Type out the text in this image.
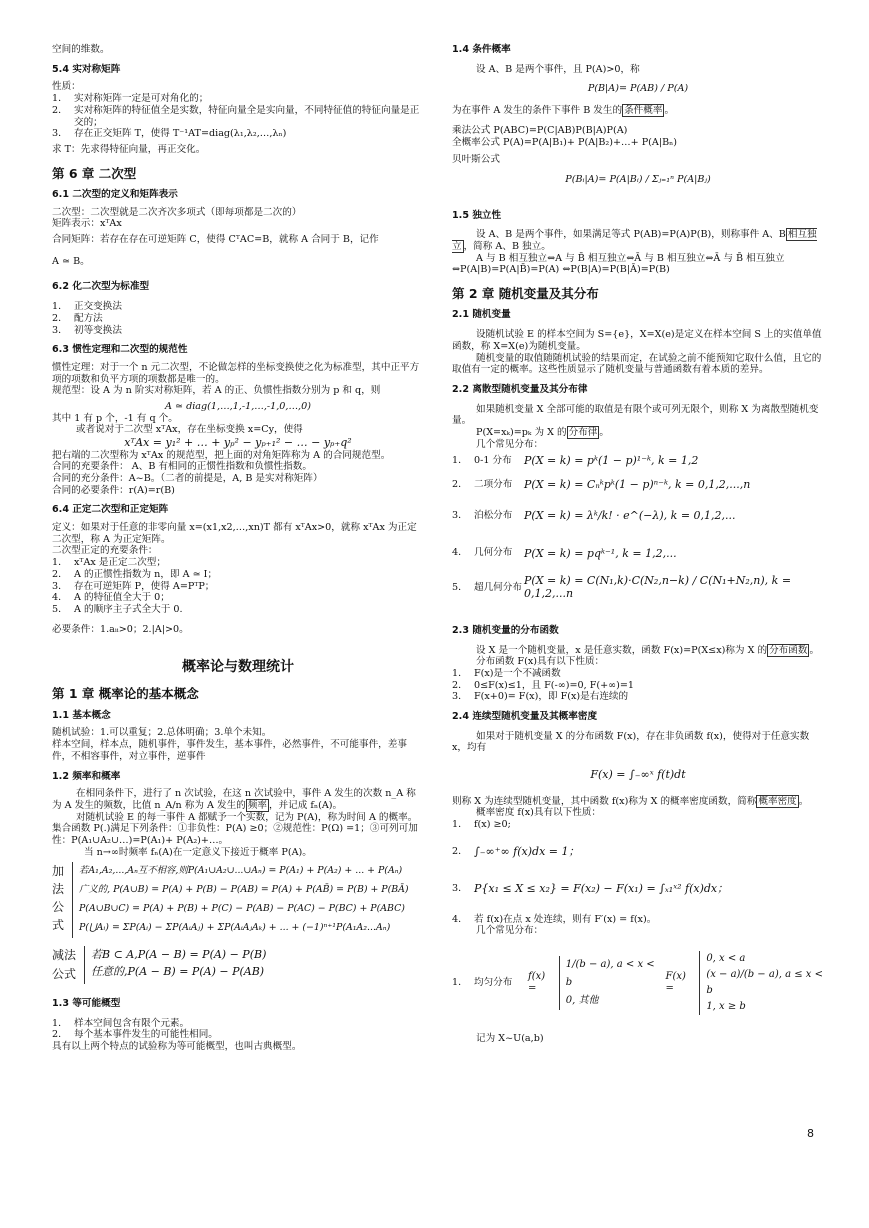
空间的维数。

5.4 实对称矩阵

性质：

1． 实对称矩阵一定是可对角化的；
2． 实对称矩阵的特征值全是实数，特征向量全是实向量，不同特征值的特征向量是正交的；
3． 存在正交矩阵 T，使得 T⁻¹AT=diag(λ₁,λ₂,…,λₙ)

求 T：先求得特征向量，再正交化。

第 6 章 二次型

6.1 二次型的定义和矩阵表示

二次型：二次型就是二次齐次多项式（即每项都是二次的）

矩阵表示：xᵀAx

合同矩阵：若存在存在可逆矩阵 C，使得 CᵀAC=B，就称 A 合同于 B，记作

A ≃ B。

6.2 化二次型为标准型

1． 正交变换法
2． 配方法
3． 初等变换法

6.3 惯性定理和二次型的规范性

惯性定理：对于一个 n 元二次型，不论做怎样的坐标变换使之化为标准型，其中正平方项的项数和负平方项的项数都是唯一的。

规范型：设 A 为 n 阶实对称矩阵，若 A 的正、负惯性指数分别为 p 和 q，则

A ≃ diag(1,…,1,-1,…,-1,0,…,0)

其中 1 有 p 个，-1 有 q 个。

或者说对于二次型 xᵀAx，存在坐标变换 x=Cy，使得

xᵀAx = y₁² + … + yₚ² − yₚ₊₁² − … − yₚ₊q²

把右端的二次型称为 xᵀAx 的规范型，把上面的对角矩阵称为 A 的合同规范型。

合同的充要条件： A、B 有相同的正惯性指数和负惯性指数。

合同的充分条件：A~B。（二者的前提是，A, B 是实对称矩阵）

合同的必要条件：r(A)=r(B)

6.4 正定二次型和正定矩阵

定义：如果对于任意的非零向量 x=(x1,x2,…,xn)T 都有 xᵀAx>0，就称 xᵀAx 为正定二次型，称 A 为正定矩阵。

二次型正定的充要条件：

1． xᵀAx 是正定二次型；
2． A 的正惯性指数为 n，即 A ≃ I；
3． 存在可逆矩阵 P，使得 A=PᵀP；
4． A 的特征值全大于 0；
5． A 的顺序主子式全大于 0.

必要条件：1.aᵢᵢ>0；2.|A|>0。

概率论与数理统计

第 1 章 概率论的基本概念

1.1 基本概念

随机试验：1.可以重复；2.总体明确；3.单个未知。

样本空间，样本点，随机事件，事件发生，基本事件，必然事件，不可能事件，差事件，不相容事件，对立事件，逆事件

1.2 频率和概率

在相同条件下，进行了 n 次试验，在这 n 次试验中，事件 A 发生的次数 n_A 称为 A 发生的频数，比值 n_A/n 称为 A 发生的 频率 ，并记成 fₙ(A)。

对随机试验 E 的每一事件 A 都赋予一个实数，记为 P(A)，称为时间 A 的概率。集合函数 P(.)满足下列条件：①非负性：P(A) ≥0；②规范性：P(Ω) =1；③可列可加性：P(A₁∪A₂∪…)=P(A₁)+ P(A₂)+…。

当 n→∞时频率 fₙ(A)在一定意义下接近于概率 P(A)。

加
法
公
式
若A₁,A₂,...,Aₙ互不相容,则P(A₁∪A₂∪...∪Aₙ) = P(A₁) + P(A₂) + ... + P(Aₙ)
广义的, P(A∪B) = P(A) + P(B) − P(AB) = P(A) + P(AB̄) = P(B) + P(BĀ)
P(A∪B∪C) = P(A) + P(B) + P(C) − P(AB) − P(AC) − P(BC) + P(ABC)
P(⋃Aᵢ) = ΣP(Aᵢ) − ΣP(AᵢAⱼ) + ΣP(AᵢAⱼAₖ) + ... + (−1)ⁿ⁺¹P(A₁A₂...Aₙ)
减法
公式
若B ⊂ A,P(A − B) = P(A) − P(B)
任意的,P(A − B) = P(A) − P(AB)

1.3 等可能概型

1． 样本空间包含有限个元素。
2． 每个基本事件发生的可能性相同。

具有以上两个特点的试验称为等可能概型，也叫古典概型。

1.4 条件概率

设 A、B 是两个事件，且 P(A)>0，称

P(B|A)= P(AB) / P(A)

为在事件 A 发生的条件下事件 B 发生的 条件概率 。

乘法公式 P(ABC)=P(C|AB)P(B|A)P(A)

全概率公式 P(A)=P(A|B₁)+ P(A|B₂)+…+ P(A|Bₙ)

贝叶斯公式

P(Bᵢ|A)= P(A|Bᵢ) / Σⱼ₌₁ⁿ P(A|Bⱼ)

1.5 独立性

设 A、B 是两个事件，如果满足等式 P(AB)=P(A)P(B)，则称事件 A、B 相互独立 ，简称 A、B 独立。

A 与 B 相互独立⇔A 与 B̄ 相互独立⇔Ā 与 B 相互独立⇔Ā 与 B̄ 相互独立

⇔P(A|B)=P(A|B̄)=P(A) ⇔P(B|A)=P(B|Ā)=P(B)

第 2 章 随机变量及其分布

2.1 随机变量

设随机试验 E 的样本空间为 S={e}，X=X(e)是定义在样本空间 S 上的实值单值函数，称 X=X(e)为随机变量。

随机变量的取值随随机试验的结果而定，在试验之前不能预知它取什么值，且它的取值有一定的概率。这些性质显示了随机变量与普通函数有着本质的差异。

2.2 离散型随机变量及其分布律

如果随机变量 X 全部可能的取值是有限个或可列无限个，则称 X 为离散型随机变量。

P(X=xₖ)=pₖ 为 X 的 分布律 。

几个常见分布：

1． 0-1 分布	P(X = k) = pᵏ(1 − p)¹⁻ᵏ, k = 1,2
2． 二项分布	P(X = k) = Cₙᵏpᵏ(1 − p)ⁿ⁻ᵏ, k = 0,1,2,...,n
3． 泊松分布	P(X = k) = λᵏ/k! · e^(−λ), k = 0,1,2,...
4． 几何分布	P(X = k) = pqᵏ⁻¹, k = 1,2,...
5． 超几何分布
P(X = k) = C(N₁,k)·C(N₂,n−k) / C(N₁+N₂,n), k = 0,1,2,...n

2.3 随机变量的分布函数

设 X 是一个随机变量，x 是任意实数，函数 F(x)=P(X≤x)称为 X 的 分布函数 。

分布函数 F(x)具有以下性质：

1． F(x)是一个不减函数
2． 0≤F(x)≤1，且 F(-∞)=0, F(+∞)=1
3． F(x+0)= F(x)，即 F(x)是右连续的

2.4 连续型随机变量及其概率密度

如果对于随机变量 X 的分布函数 F(x)，存在非负函数 f(x)，使得对于任意实数 x，均有

F(x) = ∫₋∞ˣ f(t)dt

则称 X 为连续型随机变量，其中函数 f(x)称为 X 的概率密度函数，简称 概率密度 。

概率密度 f(x)具有以下性质：

1． f(x) ≥0;
2． ∫₋∞⁺∞ f(x)dx = 1；
3． P{x₁ ≤ X ≤ x₂} = F(x₂) − F(x₁) = ∫ₓ₁ˣ² f(x)dx；
4． 若 f(x)在点 x 处连续，则有 F′(x) = f(x)。

几个常见分布：

1． 均匀分布
f(x) =
1/(b − a), a < x < b
0, 其他
F(x) =
0, x < a
(x − a)/(b − a), a ≤ x < b
1, x ≥ b

记为 X~U(a,b)

8
